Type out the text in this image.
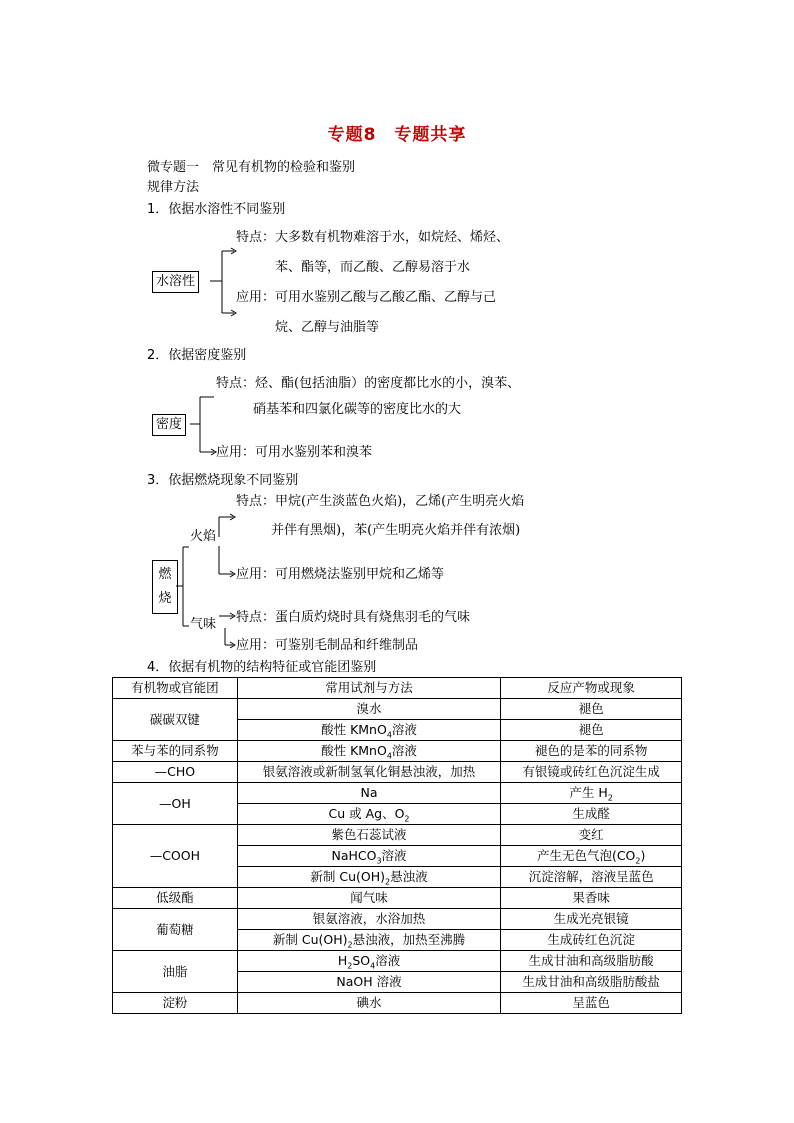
专题8　专题共享
微专题一　常见有机物的检验和鉴别
规律方法
1．依据水溶性不同鉴别
水溶性
特点：大多数有机物难溶于水，如烷烃、烯烃、
苯、酯等，而乙酸、乙醇易溶于水
应用：可用水鉴别乙酸与乙酸乙酯、乙醇与己
烷、乙醇与油脂等
2．依据密度鉴别
密度
特点：烃、酯(包括油脂）的密度都比水的小，溴苯、
硝基苯和四氯化碳等的密度比水的大
应用：可用水鉴别苯和溴苯
3．依据燃烧现象不同鉴别
燃
烧
火焰
气味
特点：甲烷(产生淡蓝色火焰)，乙烯(产生明亮火焰
并伴有黑烟)，苯(产生明亮火焰并伴有浓烟)
应用：可用燃烧法鉴别甲烷和乙烯等
特点：蛋白质灼烧时具有烧焦羽毛的气味
应用：可鉴别毛制品和纤维制品
4．依据有机物的结构特征或官能团鉴别
有机物或官能团	常用试剂与方法	反应产物或现象
碳碳双键	溴水	褪色
	酸性 KMnO$_4$溶液	褪色
苯与苯的同系物	酸性 KMnO$_4$溶液	褪色的是苯的同系物
—CHO	银氨溶液或新制氢氧化铜悬浊液，加热	有银镜或砖红色沉淀生成
—OH	Na	产生 $H_2$
	Cu 或 Ag、$O_2$	生成醛
—COOH	紫色石蕊试液	变红
	NaHCO$_3$溶液	产生无色气泡$(CO_2)$
	新制 $Cu(OH)_2$悬浊液	沉淀溶解，溶液呈蓝色
低级酯	闻气味	果香味
葡萄糖	银氨溶液，水浴加热	生成光亮银镜
	新制 $Cu(OH)_2$悬浊液，加热至沸腾	生成砖红色沉淀
油脂	$H_2SO_4$溶液	生成甘油和高级脂肪酸
	NaOH 溶液	生成甘油和高级脂肪酸盐
淀粉	碘水	呈蓝色
